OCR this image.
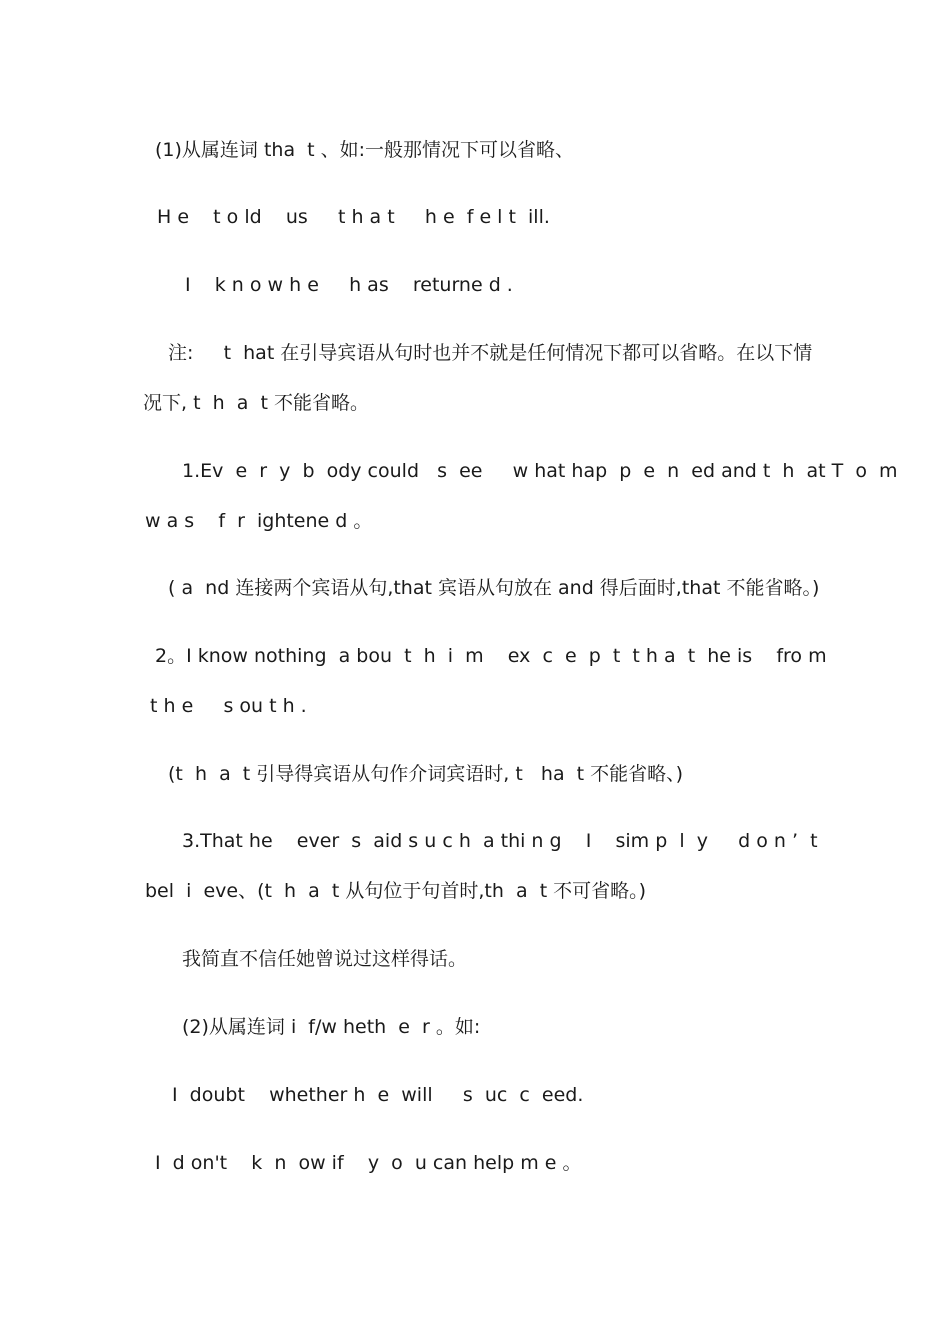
(1)从属连词 tha  t 、如:一般那情况下可以省略、
H e    t o ld    us     t h a t     h e  f e l t  ill.
I    k n o w h e     h as    returne d .
注:     t  hat 在引导宾语从句时也并不就是任何情况下都可以省略。在以下情
况下, t  h  a  t 不能省略。
1.Ev  e  r  y  b  ody could   s  ee     w hat hap  p  e  n  ed and t  h  at T  o  m
w a s    f  r  ightene d 。
( a  nd 连接两个宾语从句,that 宾语从句放在 and 得后面时,that 不能省略。)
2。I know nothing  a bou  t  h  i  m    ex  c  e  p  t  t h a  t  he is    fro m
t h e     s ou t h .
(t  h  a  t 引导得宾语从句作介词宾语时, t   ha  t 不能省略、)
3.That he    ever  s  aid s u c h  a thi n g    I    sim p  l  y     d o n ’  t
bel  i  eve、(t  h  a  t 从句位于句首时,th  a  t 不可省略。)
我简直不信任她曾说过这样得话。
(2)从属连词 i  f/w heth  e  r 。如:
I  doubt    whether h  e  will     s  uc  c  eed.
I  d on't    k  n  ow if    y  o  u can help m e 。
